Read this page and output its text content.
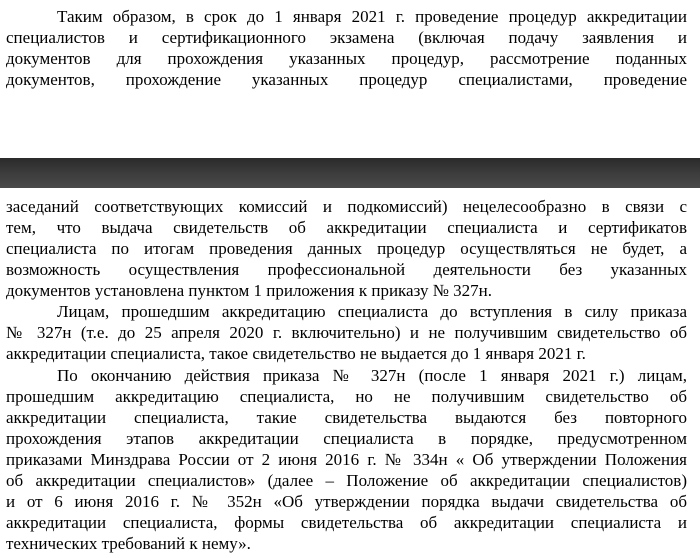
Таким образом, в срок до 1 января 2021 г. проведение процедур аккредитации
специалистов и сертификационного экзамена (включая подачу заявления и
документов для прохождения указанных процедур, рассмотрение поданных
документов, прохождение указанных процедур специалистами, проведение
заседаний соответствующих комиссий и подкомиссий) нецелесообразно в связи с
тем, что выдача свидетельств об аккредитации специалиста и сертификатов
специалиста по итогам проведения данных процедур осуществляться не будет, а
возможность осуществления профессиональной деятельности без указанных
документов установлена пунктом 1 приложения к приказу № 327н.
Лицам, прошедшим аккредитацию специалиста до вступления в силу приказа
№ 327н (т.е. до 25 апреля 2020 г. включительно) и не получившим свидетельство об
аккредитации специалиста, такое свидетельство не выдается до 1 января 2021 г.
По окончанию действия приказа № 327н (после 1 января 2021 г.) лицам,
прошедшим аккредитацию специалиста, но не получившим свидетельство об
аккредитации специалиста, такие свидетельства выдаются без повторного
прохождения этапов аккредитации специалиста в порядке, предусмотренном
приказами Минздрава России от 2 июня 2016 г. № 334н « Об утверждении Положения
об аккредитации специалистов» (далее – Положение об аккредитации специалистов)
и от 6 июня 2016 г. № 352н «Об утверждении порядка выдачи свидетельства об
аккредитации специалиста, формы свидетельства об аккредитации специалиста и
технических требований к нему».
